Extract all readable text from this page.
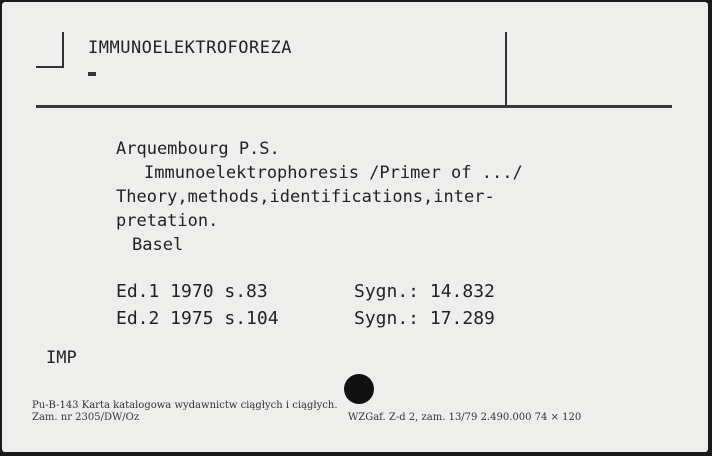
IMMUNOELEKTROFOREZA
Arquembourg P.S.
Immunoelektrophoresis /Primer of .../
Theory,methods,identifications,inter-
pretation.
Basel
Ed.1 1970 s.83	Sygn.: 14.832
Ed.2 1975 s.104	Sygn.: 17.289
IMP
Pu-B-143 Karta katalogowa wydawnictw ciągłych i ciągłych.
Zam. nr 2305/DW/Oz	WZGaf. Z-d 2, zam. 13/79 2.490.000 74 × 120
